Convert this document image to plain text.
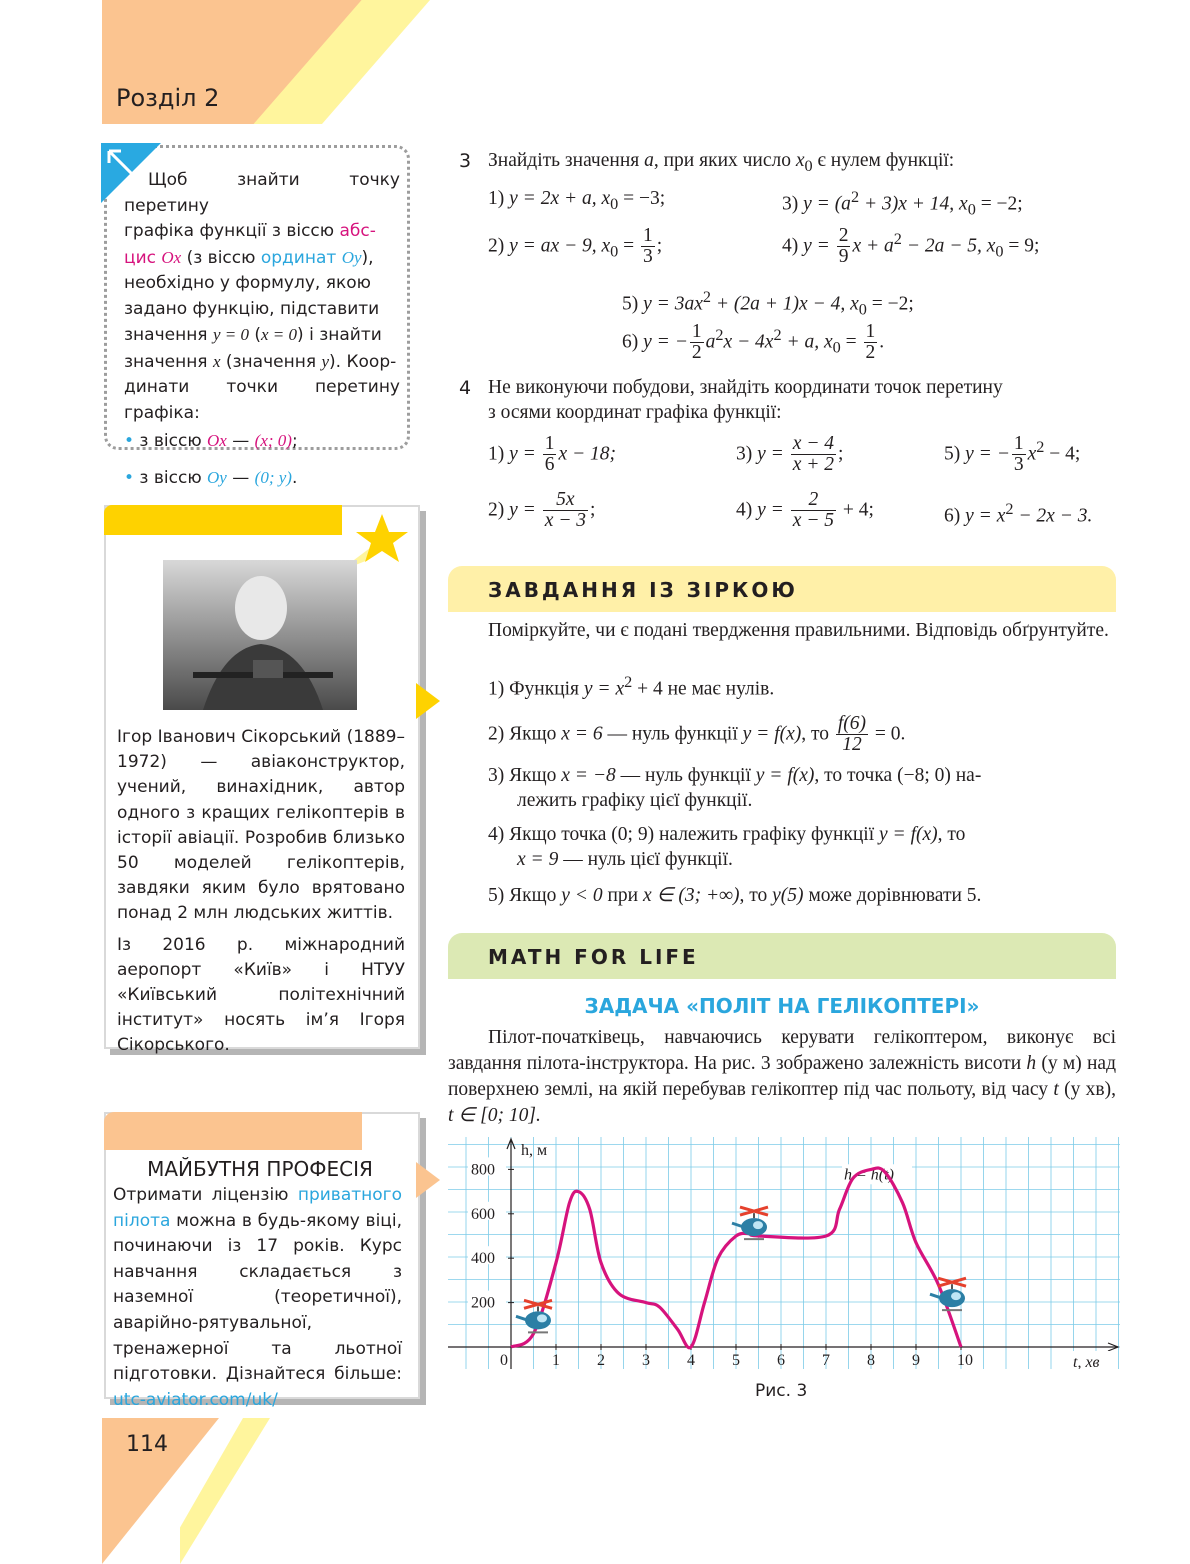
Розділ 2
Щоб знайти точку перетину
графіка функції з віссю абс-
цис Ox (з віссю ординат Oy),
необхідно у формулу, якою
задано функцію, підставити
значення y = 0 (x = 0) і знайти
значення x (значення y). Коор-
динати точки перетину графіка:
• з віссю Ox — (x; 0);
• з віссю Oy — (0; y).
Ігор Іванович Сікорський (1889–1972) — авіаконструктор, учений, винахідник, автор одного з кращих гелікоптерів в історії авіації. Розробив близько 50 моделей гелікоптерів, завдяки яким було врятовано понад 2 млн людських життів.
Із 2016 р. міжнародний аеропорт «Київ» і НТУУ «Київський політехнічний інститут» носять ім’я Ігоря Сікорського.
МАЙБУТНЯ ПРОФЕСІЯ
Отримати ліцензію приватного пілота можна в будь-якому віці, починаючи із 17 років. Курс навчання складається з наземної (теоретичної), аварійно-рятувальної, тренажерної та льотної підготовки. Дізнайтеся більше: utc-aviator.com/uk/
114
3 Знайдіть значення a, при яких число $x_0$ є нулем функції:
1) y = 2x + a, $x_0 = -3$;	3) $y = (a^2 + 3)x + 14$, $x_0 = -2$;
2) y = ax − 9, $x_0 = \frac{1}{3}$ ;	4) $y = \frac{2}{9}$ $x + a^2 - 2a - 5$, $x_0 = 9$;
5) $y = 3ax^2 + (2a + 1)x - 4$, $x_0 = -2$;
6) y = − $\frac{1}{2} a^2x - 4x^2 + a$, $x_0 = \frac{1}{2}$ .
4 Не виконуючи побудови, знайдіть координати точок перетину
з осями координат графіка функції:
1) $y = \frac{1}{6}$ x − 18;	3) $y = \frac{x - 4}{x + 2}$ ;	5) y = − $\frac{1}{3} x^2 - 4$;
2) $y = \frac{5x}{x - 3}$ ;	4) $y = \frac{2}{x - 5} + 4$;	6) $y = x^2 - 2x - 3$.
ЗАВДАННЯ ІЗ ЗІРКОЮ
Поміркуйте, чи є подані твердження правильними. Відповідь обґрунтуйте.
1) Функція $y = x^2 + 4$ не має нулів.
2) Якщо x = 6 — нуль функції y = f(x), то $\frac{f(6)}{12} = 0$.
3) Якщо x = −8 — нуль функції y = f(x), то точка (−8; 0) на-
лежить графіку цієї функції.
4) Якщо точка (0; 9) належить графіку функції y = f(x), то
x = 9 — нуль цієї функції.
5) Якщо y < 0 при x ∈ (3; +∞), то y(5) може дорівнювати 5.
MATH FOR LIFE
ЗАДАЧА «ПОЛІТ НА ГЕЛІКОПТЕРІ»
Пілот-початківець, навчаючись керувати гелікоптером, виконує всі завдання пілота-інструктора. На рис. 3 зображено залежність висоти h (у м) над поверхнею землі, на якій перебував гелікоптер під час польоту, від часу t (у хв), t ∈ [0; 10].
0	1 2 3 4 5 6 7 8 9 10
200
400
600
800
h, м
t, хв
h = h(t)
Рис. 3
